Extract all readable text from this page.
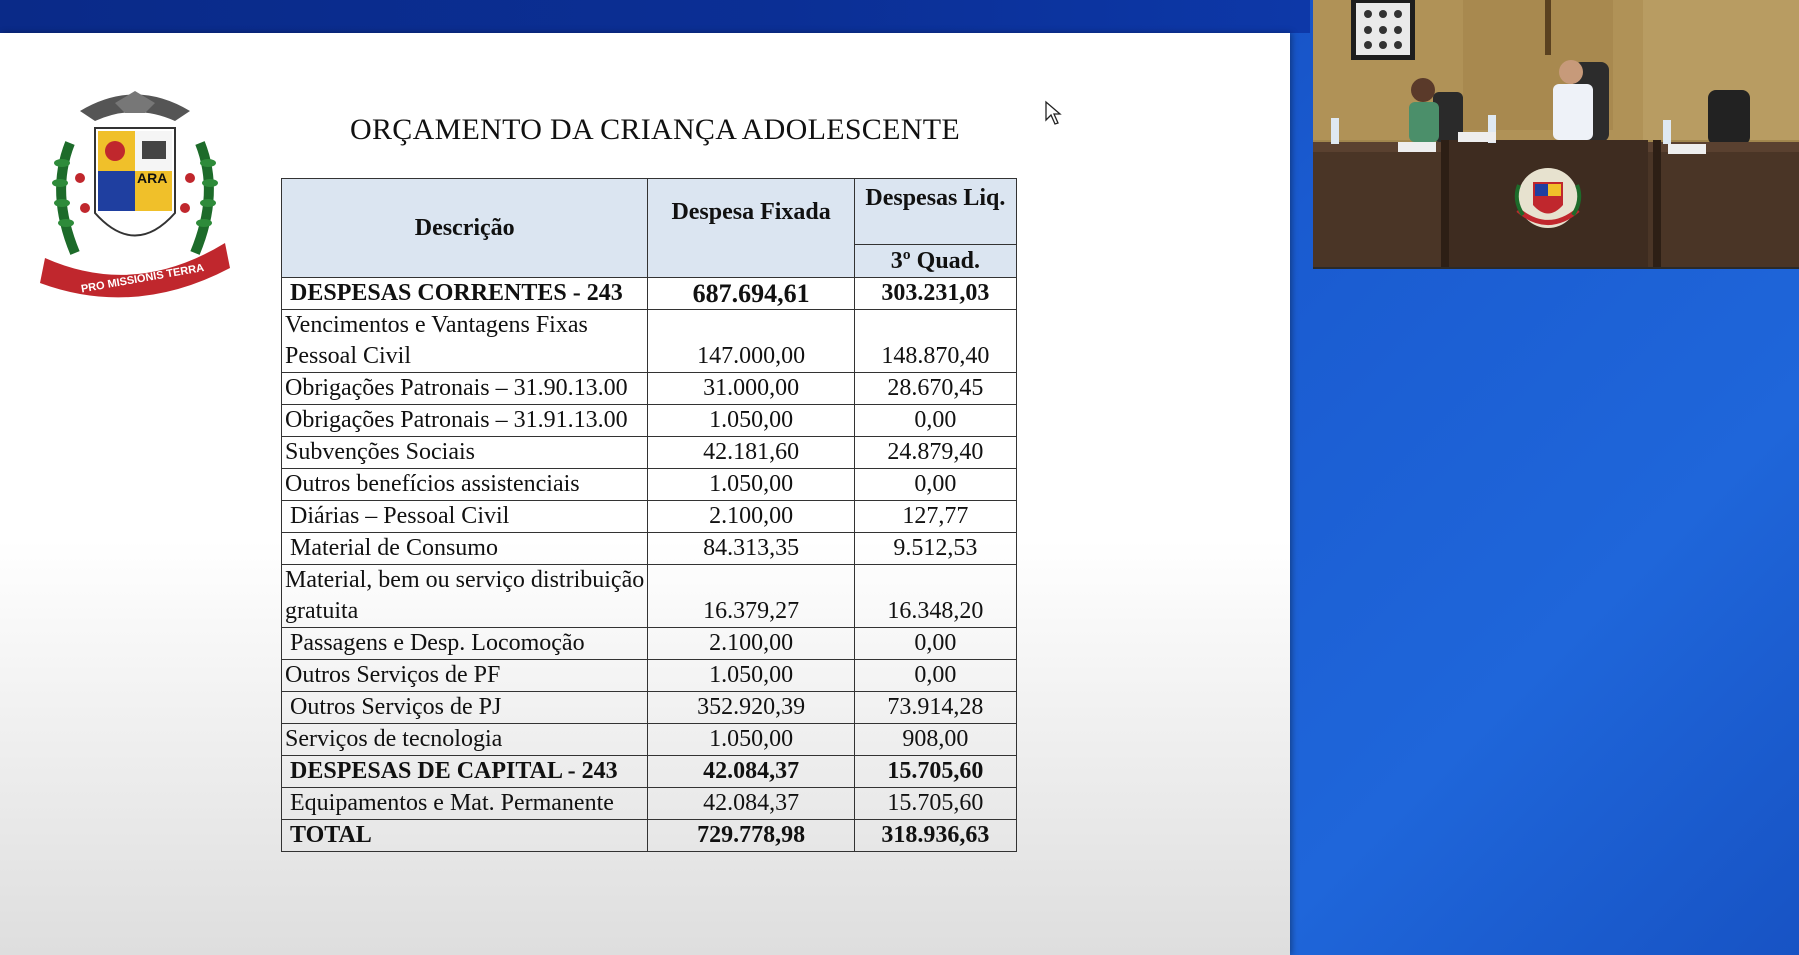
ARA
PRO MISSIONIS TERRA
ORÇAMENTO DA CRIANÇA ADOLESCENTE
Descrição	Despesa Fixada	Despesas Liq.
		3º Quad.
DESPESAS CORRENTES - 243	687.694,61	303.231,03
Vencimentos e Vantagens Fixas Pessoal Civil	147.000,00	148.870,40
Obrigações Patronais – 31.90.13.00	31.000,00	28.670,45
Obrigações Patronais – 31.91.13.00	1.050,00	0,00
Subvenções Sociais	42.181,60	24.879,40
Outros benefícios assistenciais	1.050,00	0,00
Diárias – Pessoal Civil	2.100,00	127,77
Material de Consumo	84.313,35	9.512,53
Material, bem ou serviço distribuição gratuita	16.379,27	16.348,20
Passagens e Desp. Locomoção	2.100,00	0,00
Outros Serviços de PF	1.050,00	0,00
Outros Serviços de PJ	352.920,39	73.914,28
Serviços de tecnologia	1.050,00	908,00
DESPESAS DE CAPITAL - 243	42.084,37	15.705,60
Equipamentos e Mat. Permanente	42.084,37	15.705,60
TOTAL	729.778,98	318.936,63
